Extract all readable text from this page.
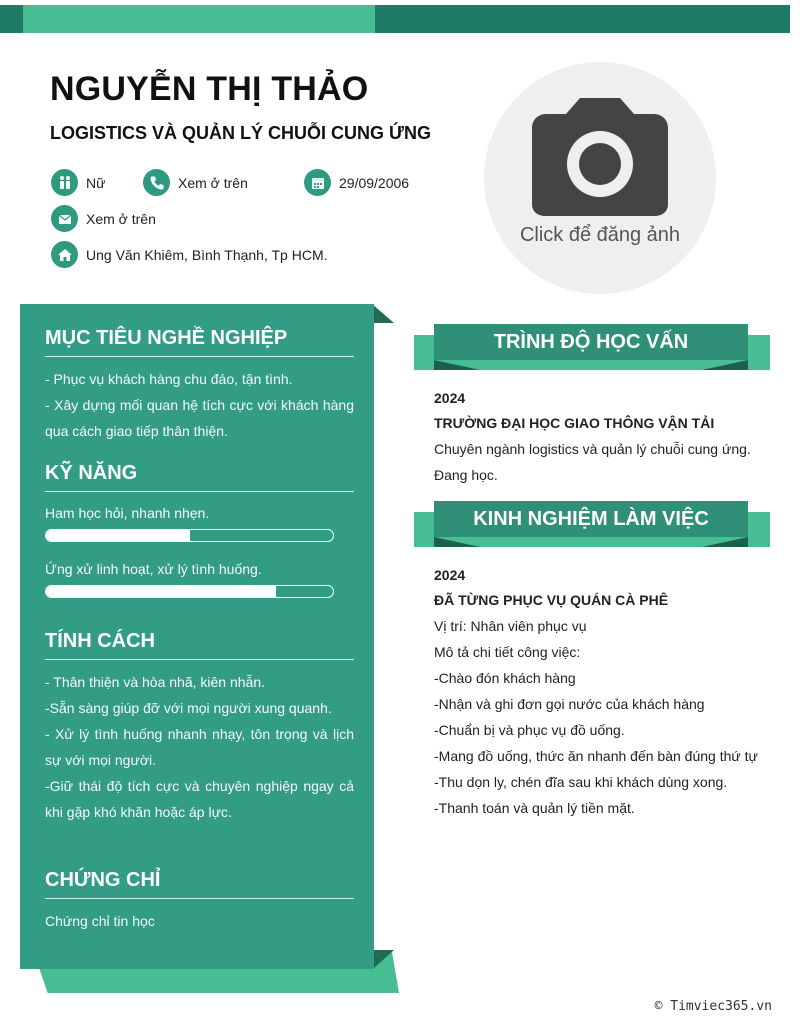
NGUYỄN THỊ THẢO
LOGISTICS VÀ QUẢN LÝ CHUỖI CUNG ỨNG
Nữ	Xem ở trên	29/09/2006
Xem ở trên
Ung Văn Khiêm, Bình Thạnh, Tp HCM.
Click để đăng ảnh
MỤC TIÊU NGHỀ NGHIỆP
- Phục vụ khách hàng chu đáo, tận tình.
- Xây dựng mối quan hệ tích cực với khách hàng qua cách giao tiếp thân thiện.
KỸ NĂNG
Ham học hỏi, nhanh nhẹn.
Ứng xử linh hoạt, xử lý tình huống.
TÍNH CÁCH
- Thân thiện và hòa nhã, kiên nhẫn.
-Sẵn sàng giúp đỡ với mọi người xung quanh.
- Xử lý tình huống nhanh nhạy, tôn trọng và lịch sự với mọi người.
-Giữ thái độ tích cực và chuyên nghiệp ngay cả khi gặp khó khăn hoặc áp lực.
CHỨNG CHỈ
Chứng chỉ tin học
TRÌNH ĐỘ HỌC VẤN
2024
TRƯỜNG ĐẠI HỌC GIAO THÔNG VẬN TẢI
Chuyên ngành logistics và quản lý chuỗi cung ứng.
Đang học.
KINH NGHIỆM LÀM VIỆC
2024
ĐÃ TỪNG PHỤC VỤ QUÁN CÀ PHÊ
Vị trí: Nhân viên phục vụ
Mô tả chi tiết công việc:
-Chào đón khách hàng
-Nhận và ghi đơn gọi nước của khách hàng
-Chuẩn bị và phục vụ đồ uống.
-Mang đồ uống, thức ăn nhanh đến bàn đúng thứ tự
-Thu dọn ly, chén đĩa sau khi khách dùng xong.
-Thanh toán và quản lý tiền mặt.
© Timviec365.vn
